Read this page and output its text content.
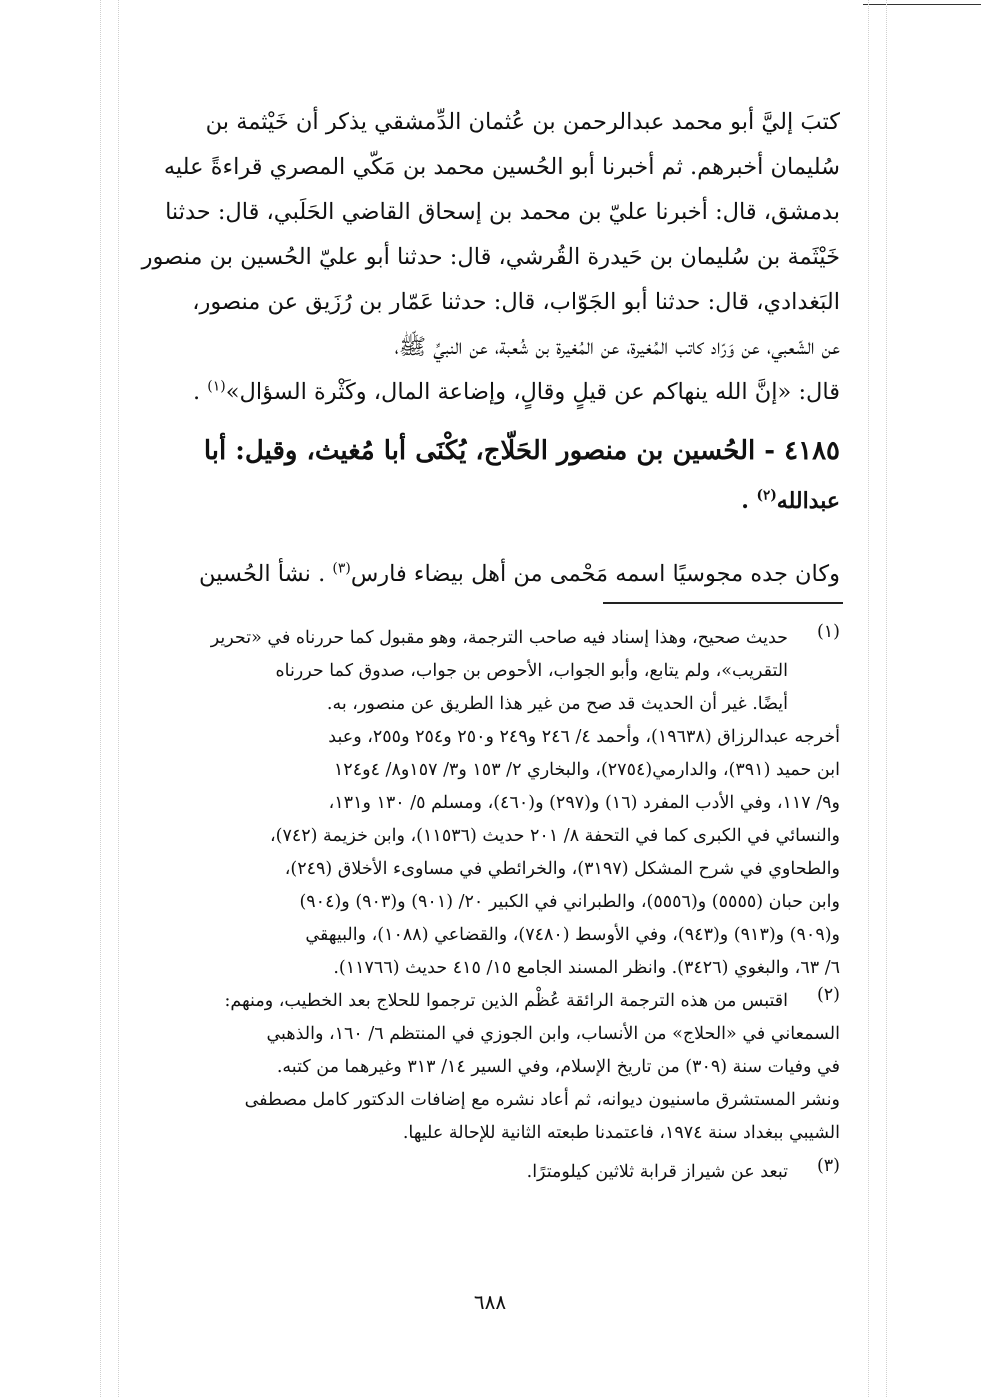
كتبَ إليَّ أبو محمد عبدالرحمن بن عُثمان الدِّمشقي يذكر أن خَيْثمة بن
سُليمان أخبرهم. ثم أخبرنا أبو الحُسين محمد بن مَكّي المصري قراءةً عليه
بدمشق، قال: أخبرنا عليّ بن محمد بن إسحاق القاضي الحَلَبي، قال: حدثنا
خَيْثَمة بن سُليمان بن حَيدرة القُرشي، قال: حدثنا أبو عليّ الحُسين بن منصور
البَغدادي، قال: حدثنا أبو الجَوّاب، قال: حدثنا عَمّار بن رُزَيق عن منصور،
عن الشّعبي، عن وَرّاد كاتب المُغيرة، عن المُغيرة بن شُعبة، عن النبيِّ ﷺ،
قال: «إنَّ الله ينهاكم عن قيلٍ وقالٍ، وإضاعة المال، وكَثْرة السؤال»$^{(١)}$ .
٤١٨٥ - الحُسين بن منصور الحَلّاج، يُكْنَى أبا مُغيث، وقيل: أبا
عبدالله$^{(٢)}$ .
وكان جده مجوسيًا اسمه مَحْمى من أهل بيضاء فارس$^{(٣)}$ . نشأ الحُسين
(١)
حديث صحيح، وهذا إسناد فيه صاحب الترجمة، وهو مقبول كما حررناه في «تحرير
التقريب»، ولم يتابع، وأبو الجواب، الأحوص بن جواب، صدوق كما حررناه
أيضًا. غير أن الحديث قد صح من غير هذا الطريق عن منصور، به.
أخرجه عبدالرزاق (١٩٦٣٨)، وأحمد ٤/ ٢٤٦ و٢٤٩ و٢٥٠ و٢٥٤ و٢٥٥، وعبد
ابن حميد (٣٩١)، والدارمي(٢٧٥٤)، والبخاري ٢/ ١٥٣ و٣/ ١٥٧و٨/ ٤و١٢٤
و٩/ ١١٧، وفي الأدب المفرد (١٦) و(٢٩٧) و(٤٦٠)، ومسلم ٥/ ١٣٠ و١٣١،
والنسائي في الكبرى كما في التحفة ٨/ ٢٠١ حديث (١١٥٣٦)، وابن خزيمة (٧٤٢)،
والطحاوي في شرح المشكل (٣١٩٧)، والخرائطي في مساوىء الأخلاق (٢٤٩)،
وابن حبان (٥٥٥٥) و(٥٥٥٦)، والطبراني في الكبير ٢٠/ (٩٠١) و(٩٠٣) و(٩٠٤)
و(٩٠٩) و(٩١٣) و(٩٤٣)، وفي الأوسط (٧٤٨٠)، والقضاعي (١٠٨٨)، والبيهقي
٦/ ٦٣، والبغوي (٣٤٢٦). وانظر المسند الجامع ١٥/ ٤١٥ حديث (١١٧٦٦).
(٢)
اقتبس من هذه الترجمة الرائقة عُظْم الذين ترجموا للحلاج بعد الخطيب، ومنهم:
السمعاني في «الحلاج» من الأنساب، وابن الجوزي في المنتظم ٦/ ١٦٠، والذهبي
في وفيات سنة (٣٠٩) من تاريخ الإسلام، وفي السير ١٤/ ٣١٣ وغيرهما من كتبه.
ونشر المستشرق ماسنيون ديوانه، ثم أعاد نشره مع إضافات الدكتور كامل مصطفى
الشيبي ببغداد سنة ١٩٧٤، فاعتمدنا طبعته الثانية للإحالة عليها.
(٣)
تبعد عن شيراز قرابة ثلاثين كيلومترًا.
٦٨٨
